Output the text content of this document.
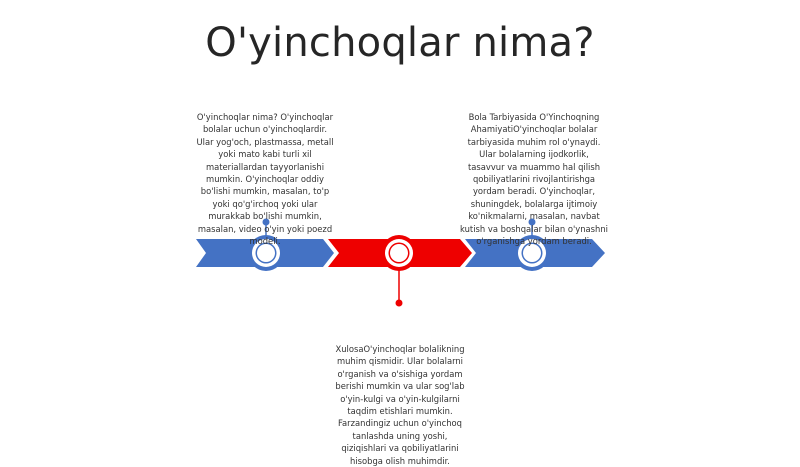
O'yinchoqlar nima?
O'yinchoqlar nima? O'yinchoqlar bolalar uchun o'yinchoqlardir. Ular yog'och, plastmassa, metall yoki mato kabi turli xil materiallardan tayyorlanishi mumkin. O'yinchoqlar oddiy bo'lishi mumkin, masalan, to'p yoki qo'g'irchoq yoki ular murakkab bo'lishi mumkin, masalan, video o'yin yoki poezd modeli.
Bola Tarbiyasida O'Yinchoqning AhamiyatiO'yinchoqlar bolalar tarbiyasida muhim rol o'ynaydi. Ular bolalarning ijodkorlik, tasavvur va muammo hal qilish qobiliyatlarini rivojlantirishga yordam beradi. O'yinchoqlar, shuningdek, bolalarga ijtimoiy ko'nikmalarni, masalan, navbat kutish va boshqalar bilan o'ynashni o'rganishga yordam beradi.
XulosaO'yinchoqlar bolalikning muhim qismidir. Ular bolalarni o'rganish va o'sishiga yordam berishi mumkin va ular sog'lab o'yin-kulgi va o'yin-kulgilarni taqdim etishlari mumkin. Farzandingiz uchun o'yinchoq tanlashda uning yoshi, qiziqishlari va qobiliyatlarini hisobga olish muhimdir.
